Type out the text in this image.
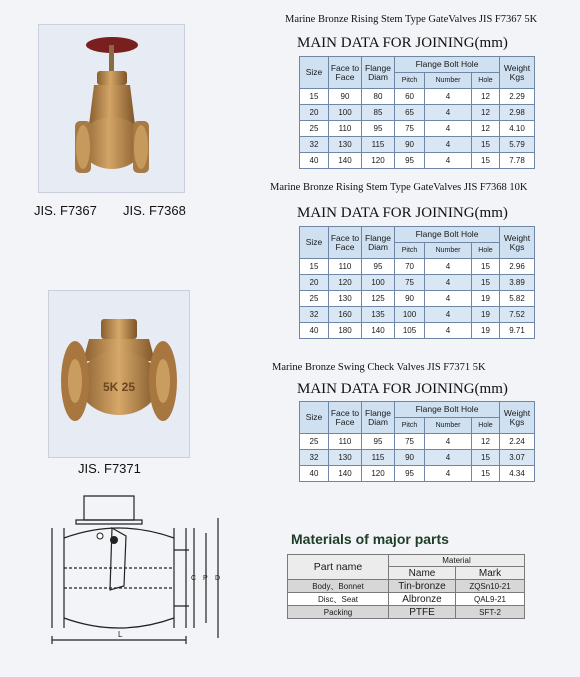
JIS. F7367 JIS. F7368
5K 25
JIS. F7371
L
C P D
Marine Bronze Rising Stem Type GateValves JIS F7367 5K
MAIN DATA FOR JOINING(mm)
Size	Face to Face	Flange Diam	Flange Bolt Hole			Weight Kgs
			Pitch	Number	Hole	
15	90	80	60	4	12	2.29
20	100	85	65	4	12	2.98
25	110	95	75	4	12	4.10
32	130	115	90	4	15	5.79
40	140	120	95	4	15	7.78
Marine Bronze Rising Stem Type GateValves JIS F7368 10K
MAIN DATA FOR JOINING(mm)
Size	Face to Face	Flange Diam	Flange Bolt Hole			Weight Kgs
			Pitch	Number	Hole	
15	110	95	70	4	15	2.96
20	120	100	75	4	15	3.89
25	130	125	90	4	19	5.82
32	160	135	100	4	19	7.52
40	180	140	105	4	19	9.71
Marine Bronze Swing Check Valves JIS F7371 5K
MAIN DATA FOR JOINING(mm)
Size	Face to Face	Flange Diam	Flange Bolt Hole			Weight Kgs
			Pitch	Number	Hole	
25	110	95	75	4	12	2.24
32	130	115	90	4	15	3.07
40	140	120	95	4	15	4.34
Materials of major parts
Part name	Material	
	Name	Mark
Body、Bonnet	Tin-bronze	ZQSn10-21
Disc、Seat	Albronze	QAL9-21
Packing	PTFE	SFT-2
